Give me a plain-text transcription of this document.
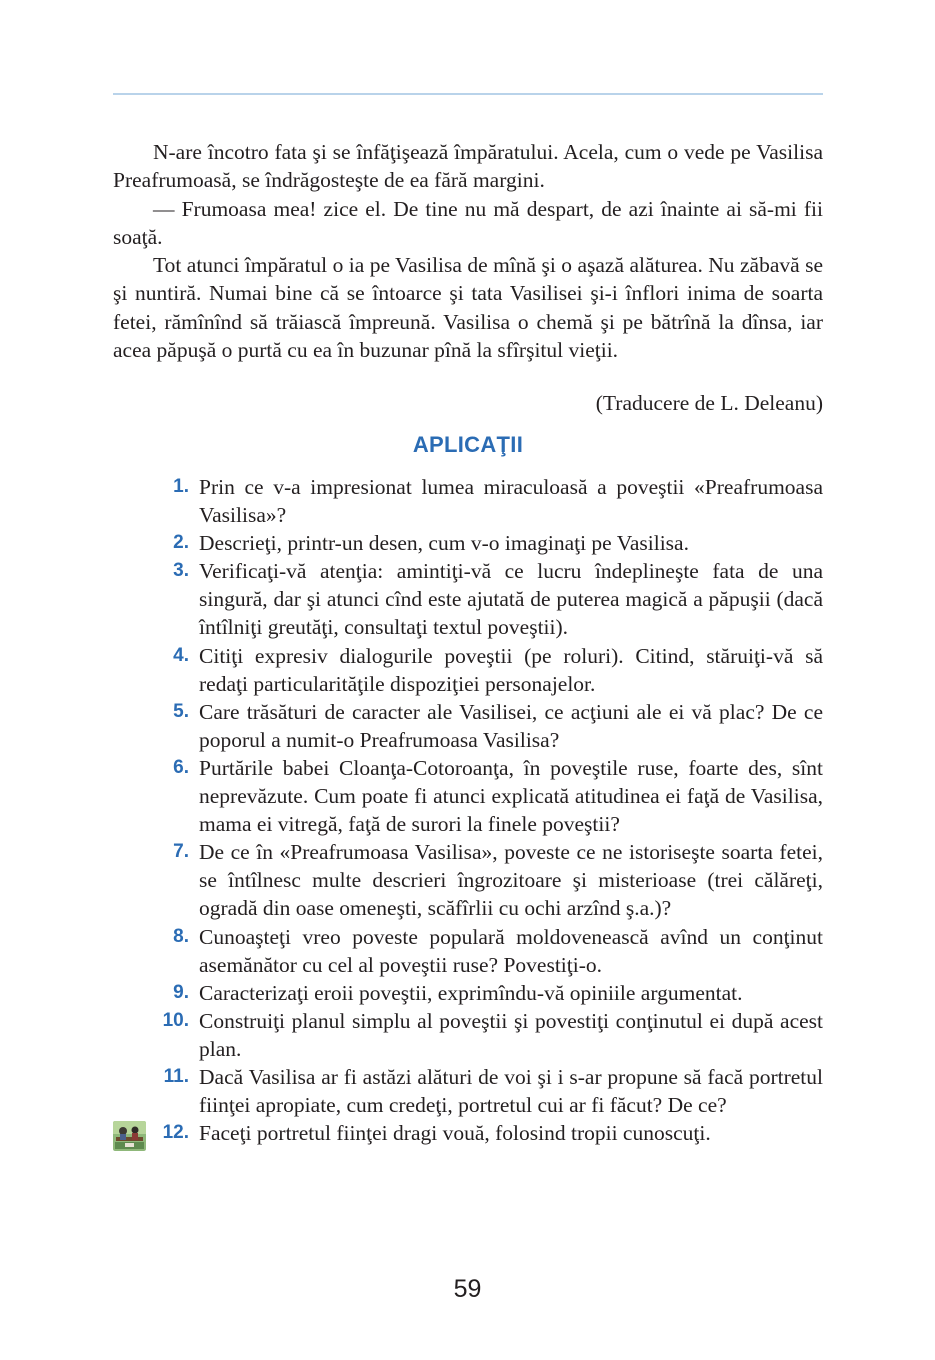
N-are încotro fata şi se înfăţişează împăratului. Acela, cum o vede pe Vasilisa Preafrumoasă, se îndrăgosteşte de ea fără margini.

— Frumoasa mea! zice el. De tine nu mă despart, de azi înainte ai să-mi fii soaţă.

Tot atunci împăratul o ia pe Vasilisa de mînă şi o aşază alăturea. Nu zăbavă se şi nuntiră. Numai bine că se întoarce şi tata Vasilisei şi-i înflori inima de soarta fetei, rămînînd să trăiască împreună. Vasilisa o chemă şi pe bătrînă la dînsa, iar acea păpuşă o purtă cu ea în buzunar pînă la sfîrşitul vieţii.

(Traducere de L. Deleanu)
APLICAŢII
1. Prin ce v-a impresionat lumea miraculoasă a poveştii «Preafrumoasa Vasilisa»?
2. Descrieţi, printr-un desen, cum v-o imaginaţi pe Vasilisa.
3. Verificaţi-vă atenţia: amintiţi-vă ce lucru îndeplineşte fata de una singură, dar şi atunci cînd este ajutată de puterea magică a păpuşii (dacă întîlniţi greutăţi, consultaţi textul poveştii).
4. Citiţi expresiv dialogurile poveştii (pe roluri). Citind, stăruiţi-vă să redaţi particularităţile dispoziţiei personajelor.
5. Care trăsături de caracter ale Vasilisei, ce acţiuni ale ei vă plac? De ce poporul a numit-o Preafrumoasa Vasilisa?
6. Purtările babei Cloanţa-Cotoroanţa, în poveştile ruse, foarte des, sînt neprevăzute. Cum poate fi atunci explicată atitudinea ei faţă de Vasilisa, mama ei vitregă, faţă de surori la finele poveştii?
7. De ce în «Preafrumoasa Vasilisa», poveste ce ne istoriseşte soarta fetei, se întîlnesc multe descrieri îngrozitoare şi misterioase (trei călăreţi, ogradă din oase omeneşti, scăfîrlii cu ochi arzînd ş.a.)?
8. Cunoaşteţi vreo poveste populară moldovenească avînd un conţinut asemănător cu cel al poveştii ruse? Povestiţi-o.
9. Caracterizaţi eroii poveştii, exprimîndu-vă opiniile argumentat.
10. Construiţi planul simplu al poveştii şi povestiţi conţinutul ei după acest plan.
11. Dacă Vasilisa ar fi astăzi alături de voi şi i s-ar propune să facă portretul fiinţei apropiate, cum credeţi, portretul cui ar fi făcut? De ce?
12. Faceţi portretul fiinţei dragi vouă, folosind tropii cunoscuţi.
59
